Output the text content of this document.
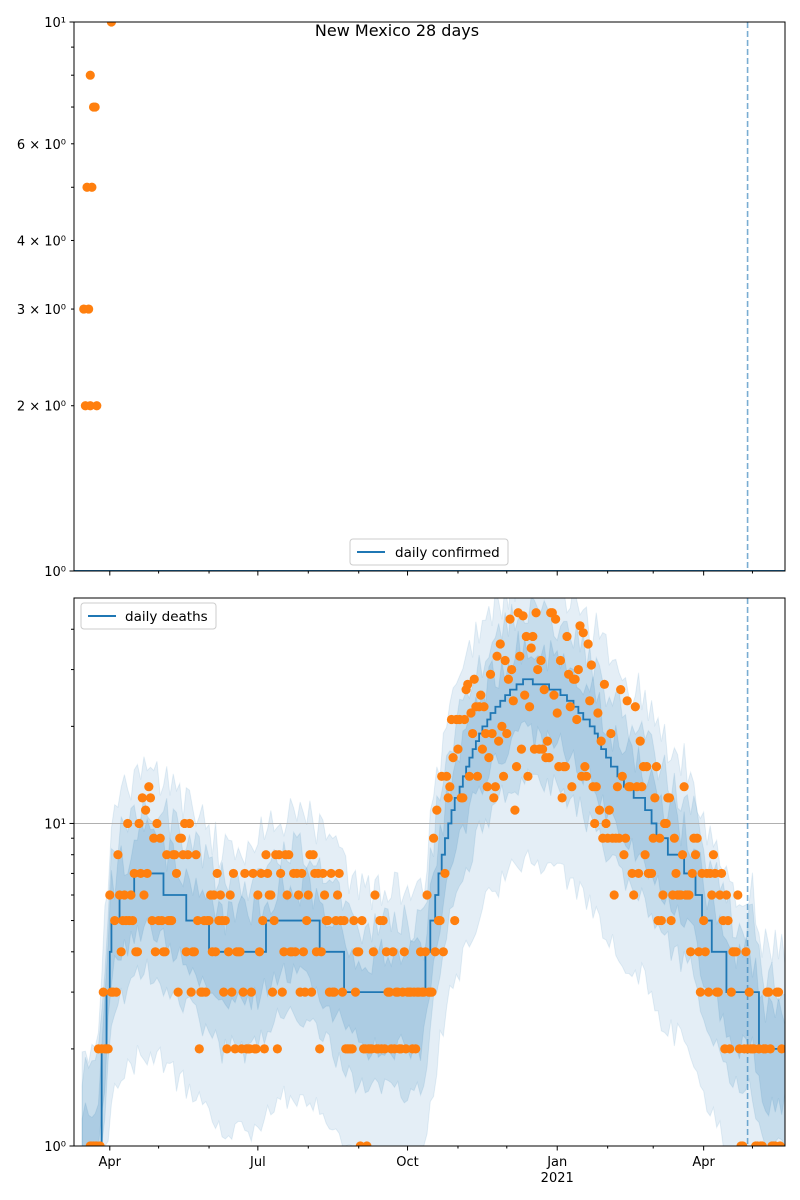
10⁰
10¹
2 × 10⁰
3 × 10⁰
4 × 10⁰
6 × 10⁰
New Mexico 28 days
daily confirmed
10⁰
10¹
Apr	Jul	Oct	Jan
2021
Apr
daily deaths
